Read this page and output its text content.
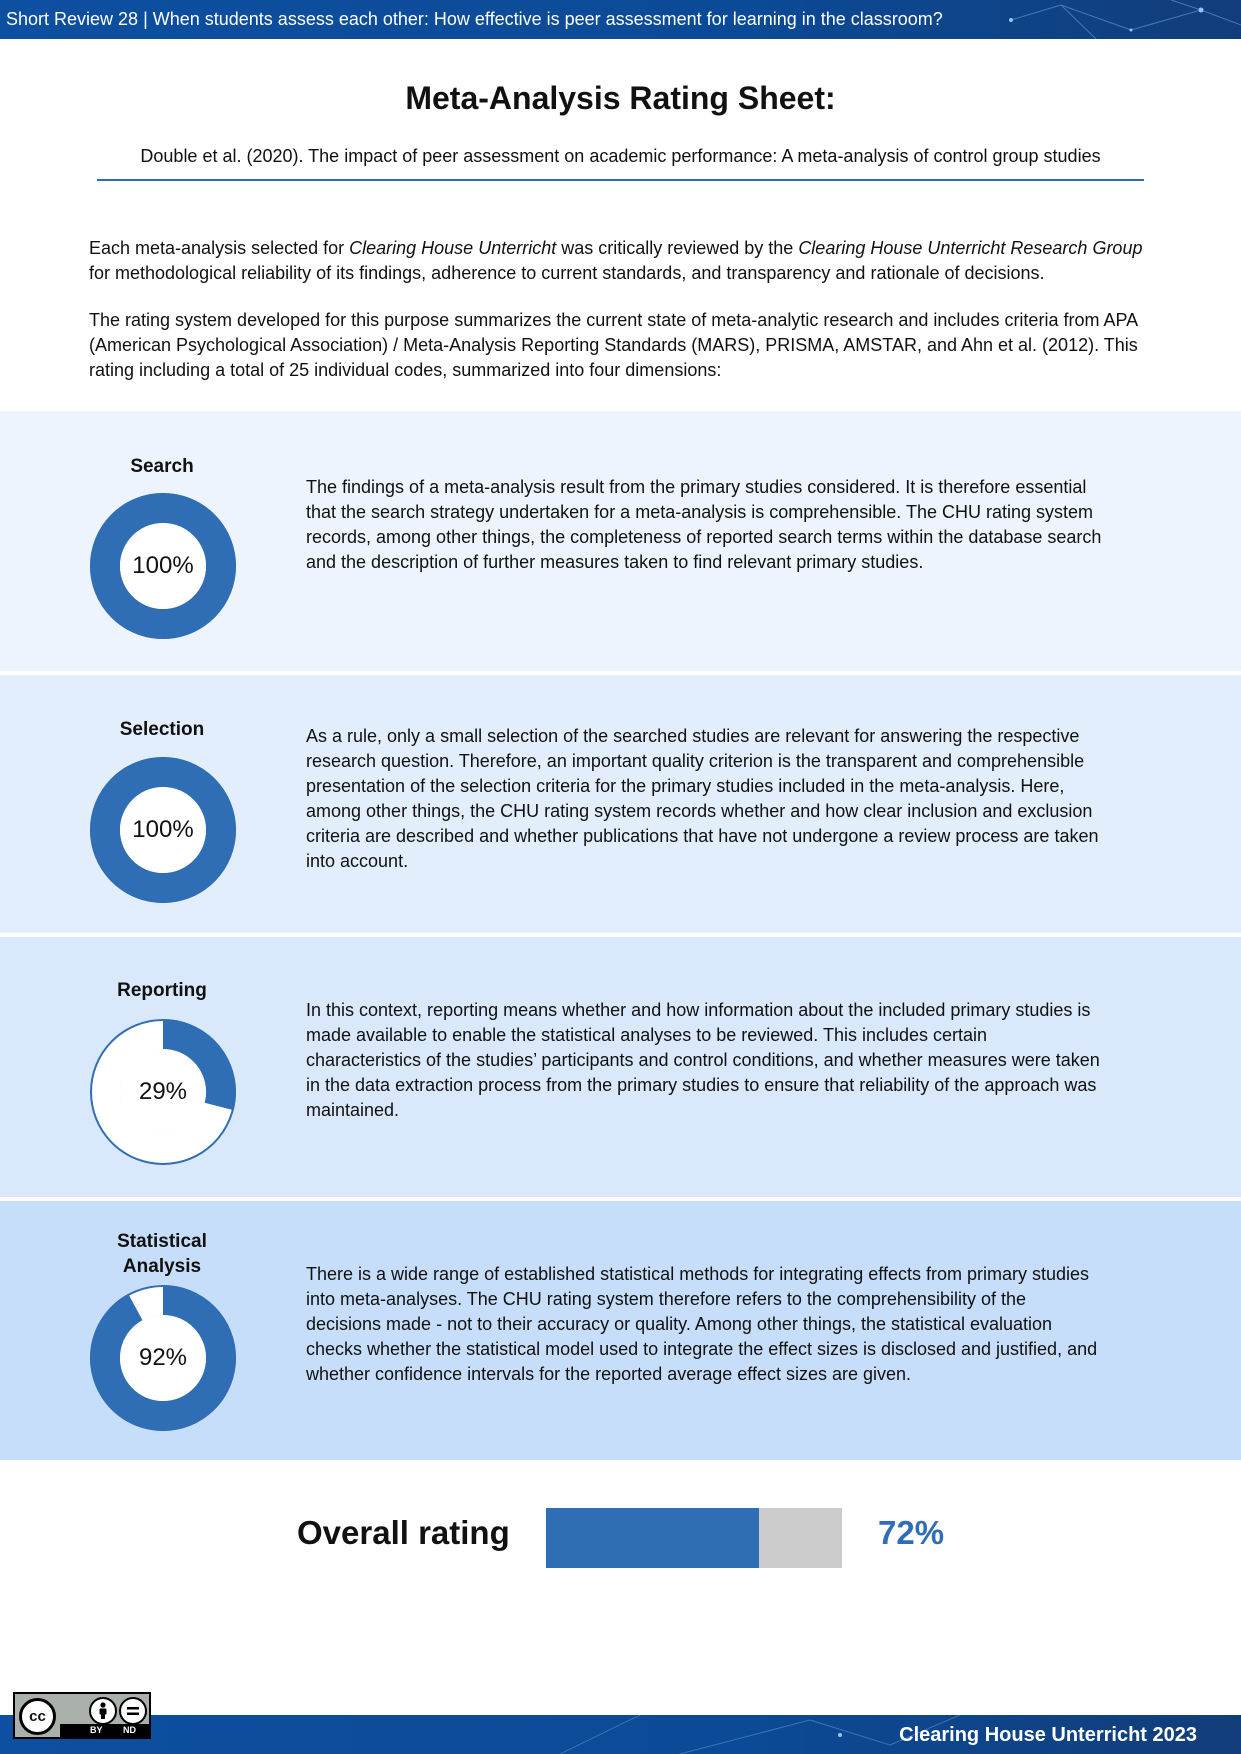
Short Review 28 | When students assess each other: How effective is peer assessment for learning in the classroom?
Meta-Analysis Rating Sheet:
Double et al. (2020). The impact of peer assessment on academic performance: A meta-analysis of control group studies

Each meta-analysis selected for Clearing House Unterricht was critically reviewed by the Clearing House Unterricht Research Group for methodological reliability of its findings, adherence to current standards, and transparency and rationale of decisions.

The rating system developed for this purpose summarizes the current state of meta-analytic research and includes criteria from APA (American Psychological Association) / Meta-Analysis Reporting Standards (MARS), PRISMA, AMSTAR, and Ahn et al. (2012). This rating including a total of 25 individual codes, summarized into four dimensions:

Search
100%
The findings of a meta-analysis result from the primary studies considered. It is therefore essential that the search strategy undertaken for a meta-analysis is comprehensible. The CHU rating system records, among other things, the completeness of reported search terms within the database search and the description of further measures taken to find relevant primary studies.
Selection
100%
As a rule, only a small selection of the searched studies are relevant for answering the respective research question. Therefore, an important quality criterion is the transparent and comprehensible presentation of the selection criteria for the primary studies included in the meta-analysis. Here, among other things, the CHU rating system records whether and how clear inclusion and exclusion criteria are described and whether publications that have not undergone a review process are taken into account.
Reporting
29%
In this context, reporting means whether and how information about the included primary studies is made available to enable the statistical analyses to be reviewed. This includes certain characteristics of the studies’ participants and control conditions, and whether measures were taken in the data extraction process from the primary studies to ensure that reliability of the approach was maintained.
Statistical Analysis
92%
There is a wide range of established statistical methods for integrating effects from primary studies into meta-analyses. The CHU rating system therefore refers to the comprehensibility of the decisions made - not to their accuracy or quality. Among other things, the statistical evaluation checks whether the statistical model used to integrate the effect sizes is disclosed and justified, and whether confidence intervals for the reported average effect sizes are given.
Overall rating	72%
Clearing House Unterricht 2023
cc
BY ND
